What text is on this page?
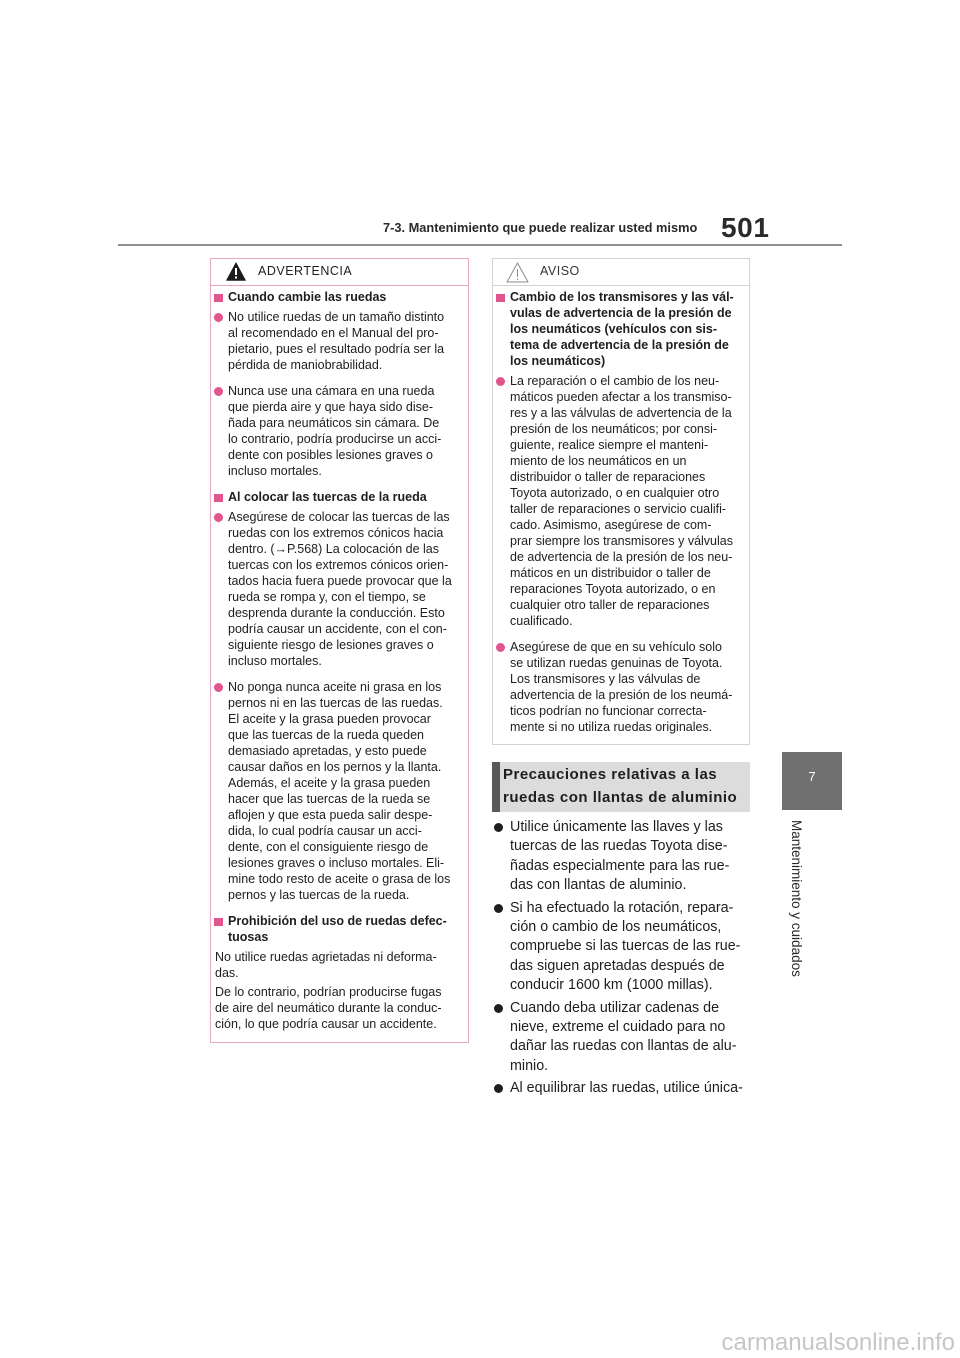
7-3. Mantenimiento que puede realizar usted mismo 501
7
Mantenimiento y cuidados
ADVERTENCIA
Cuando cambie las ruedas
No utilice ruedas de un tamaño distinto
al recomendado en el Manual del pro-
pietario, pues el resultado podría ser la
pérdida de maniobrabilidad.
Nunca use una cámara en una rueda
que pierda aire y que haya sido dise-
ñada para neumáticos sin cámara. De
lo contrario, podría producirse un acci-
dente con posibles lesiones graves o
incluso mortales.
Al colocar las tuercas de la rueda
Asegúrese de colocar las tuercas de las
ruedas con los extremos cónicos hacia
dentro. (→P.568) La colocación de las
tuercas con los extremos cónicos orien-
tados hacia fuera puede provocar que la
rueda se rompa y, con el tiempo, se
desprenda durante la conducción. Esto
podría causar un accidente, con el con-
siguiente riesgo de lesiones graves o
incluso mortales.
No ponga nunca aceite ni grasa en los
pernos ni en las tuercas de las ruedas.
El aceite y la grasa pueden provocar
que las tuercas de la rueda queden
demasiado apretadas, y esto puede
causar daños en los pernos y la llanta.
Además, el aceite y la grasa pueden
hacer que las tuercas de la rueda se
aflojen y que esta pueda salir despe-
dida, lo cual podría causar un acci-
dente, con el consiguiente riesgo de
lesiones graves o incluso mortales. Eli-
mine todo resto de aceite o grasa de los
pernos y las tuercas de la rueda.
Prohibición del uso de ruedas defec-
tuosas
No utilice ruedas agrietadas ni deforma-
das.
De lo contrario, podrían producirse fugas
de aire del neumático durante la conduc-
ción, lo que podría causar un accidente.
AVISO
Cambio de los transmisores y las vál-
vulas de advertencia de la presión de
los neumáticos (vehículos con sis-
tema de advertencia de la presión de
los neumáticos)
La reparación o el cambio de los neu-
máticos pueden afectar a los transmiso-
res y a las válvulas de advertencia de la
presión de los neumáticos; por consi-
guiente, realice siempre el manteni-
miento de los neumáticos en un
distribuidor o taller de reparaciones
Toyota autorizado, o en cualquier otro
taller de reparaciones o servicio cualifi-
cado. Asimismo, asegúrese de com-
prar siempre los transmisores y válvulas
de advertencia de la presión de los neu-
máticos en un distribuidor o taller de
reparaciones Toyota autorizado, o en
cualquier otro taller de reparaciones
cualificado.
Asegúrese de que en su vehículo solo
se utilizan ruedas genuinas de Toyota.
Los transmisores y las válvulas de
advertencia de la presión de los neumá-
ticos podrían no funcionar correcta-
mente si no utiliza ruedas originales.
Precauciones relativas a las
ruedas con llantas de aluminio
Utilice únicamente las llaves y las
tuercas de las ruedas Toyota dise-
ñadas especialmente para las rue-
das con llantas de aluminio.
Si ha efectuado la rotación, repara-
ción o cambio de los neumáticos,
compruebe si las tuercas de las rue-
das siguen apretadas después de
conducir 1600 km (1000 millas).
Cuando deba utilizar cadenas de
nieve, extreme el cuidado para no
dañar las ruedas con llantas de alu-
minio.
Al equilibrar las ruedas, utilice única-
carmanualsonline.info
